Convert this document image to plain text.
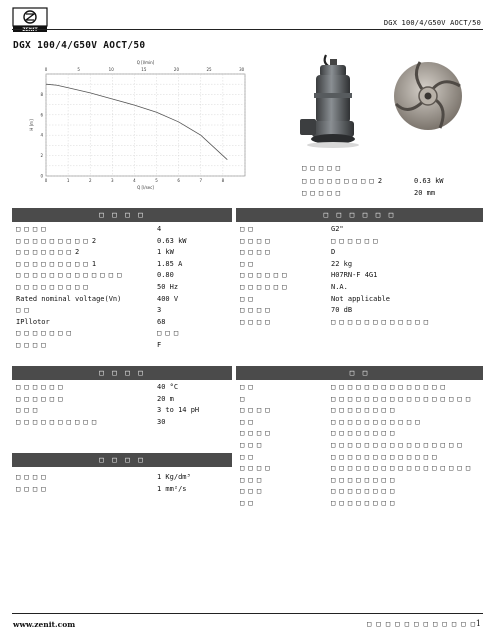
ZENIT
DGX 100/4/G50V AOCT/50
DGX 100/4/G50V AOCT/50
0	1	2	3	4	5	6	7	8
Q [l/sec]
0	5	10	15	20	25	30
Q [l/min]
0
2
4
6
8
H [m]
□ □ □ □ □
□ □ □ □ □ □ □ □ □ 2	0.63 kW
□ □ □ □ □	20 mm
□ □ □ □	□ □ □ □ □ □
□ □ □ □	□ □
□ □ □ □
□ □ □ □	4
□ □ □ □ □ □ □ □ □ 2	0.63 kW
□ □ □ □ □ □ □ 2	1 kW
□ □ □ □ □ □ □ □ □ 1	1.85 A
□ □ □ □ □ □ □ □ □ □ □ □ □	0.80
□ □ □ □ □ □ □ □ □	50 Hz
Rated nominal voltage(Vn)	400 V
□ □	3
IPllotor	68
□ □ □ □ □ □ □	□ □ □
□ □ □ □	F
□ □	G2"
□ □ □ □	□ □ □ □ □ □
□ □ □ □	D
□ □	22 kg
□ □ □ □ □ □	H07RN-F 4G1
□ □ □ □ □ □	N.A.
□ □	Not applicable
□ □ □ □	70 dB
□ □ □ □	□ □ □ □ □ □ □ □ □ □ □ □
□ □ □ □ □ □	40 °C
□ □ □ □ □ □	20 m
□ □ □	3 to 14 pH
□ □ □ □ □ □ □ □ □ □	30
□ □	□ □ □ □ □ □ □ □ □ □ □ □ □ □
□	□ □ □ □ □ □ □ □ □ □ □ □ □ □ □ □ □
□ □ □ □	□ □ □ □ □ □ □ □
□ □	□ □ □ □ □ □ □ □ □ □ □
□ □ □ □	□ □ □ □ □ □ □ □
□ □ □	□ □ □ □ □ □ □ □ □ □ □ □ □ □ □ □
□ □	□ □ □ □ □ □ □ □ □ □ □ □ □
□ □ □ □	□ □ □ □ □ □ □ □ □ □ □ □ □ □ □ □ □
□ □ □	□ □ □ □ □ □ □ □
□ □ □	□ □ □ □ □ □ □ □
□ □	□ □ □ □ □ □ □ □
□ □ □ □	1 Kg/dm³
□ □ □ □	1 mm²/s
www.zenit.com	□ □ □ □ □ □ □ □ □ □ □ □ 1
